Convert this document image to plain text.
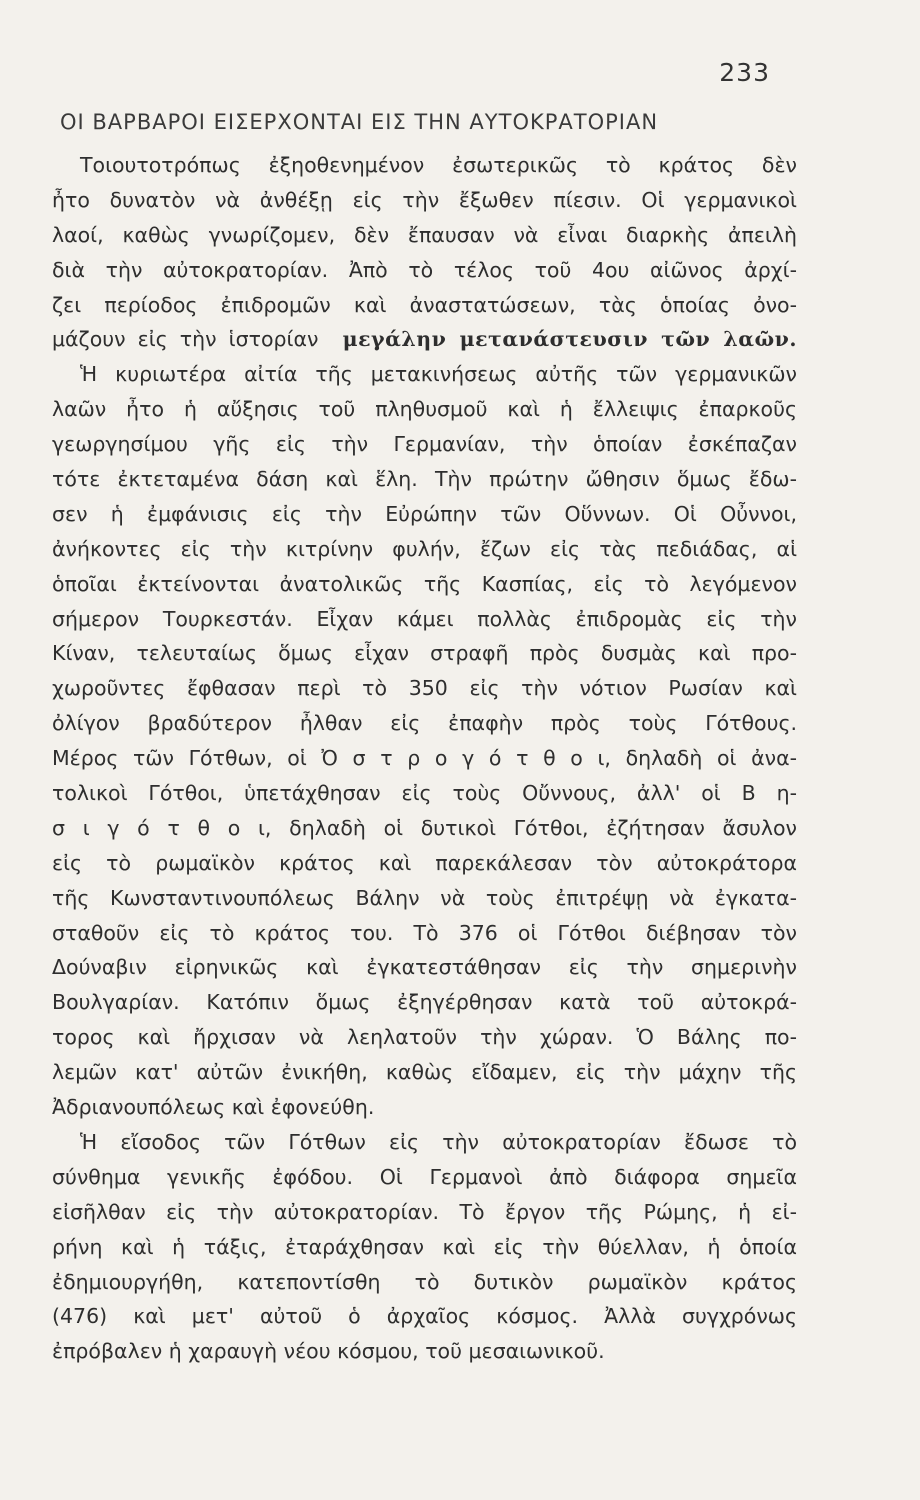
233
ΟΙ ΒΑΡΒΑΡΟΙ ΕΙΣΕΡΧΟΝΤΑΙ ΕΙΣ ΤΗΝ ΑΥΤΟΚΡΑΤΟΡΙΑΝ
Τοιουτοτρόπως ἐξηοθενημένον ἐσωτερικῶς τὸ κράτος δὲν
ἦτο δυνατὸν νὰ ἀνθέξῃ εἰς τὴν ἔξωθεν πίεσιν. Οἱ γερμανικοὶ
λαοί, καθὼς γνωρίζομεν, δὲν ἔπαυσαν νὰ εἶναι διαρκὴς ἀπειλὴ
διὰ τὴν αὐτοκρατορίαν. Ἀπὸ τὸ τέλος τοῦ 4ου αἰῶνος ἀρχί-
ζει περίοδος ἐπιδρομῶν καὶ ἀναστατώσεων, τὰς ὁποίας ὀνο-
μάζουν εἰς τὴν ἱστορίαν μεγάλην μετανάστευσιν τῶν λαῶν.
Ἡ κυριωτέρα αἰτία τῆς μετακινήσεως αὐτῆς τῶν γερμανικῶν
λαῶν ἦτο ἡ αὔξησις τοῦ πληθυσμοῦ καὶ ἡ ἔλλειψις ἐπαρκοῦς
γεωργησίμου γῆς εἰς τὴν Γερμανίαν, τὴν ὁποίαν ἐσκέπαζαν
τότε ἐκτεταμένα δάση καὶ ἕλη. Τὴν πρώτην ὤθησιν ὅμως ἔδω-
σεν ἡ ἐμφάνισις εἰς τὴν Εὐρώπην τῶν Οὕννων. Οἱ Οὖννοι,
ἀνήκοντες εἰς τὴν κιτρίνην φυλήν, ἔζων εἰς τὰς πεδιάδας, αἱ
ὁποῖαι ἐκτείνονται ἀνατολικῶς τῆς Κασπίας, εἰς τὸ λεγόμενον
σήμερον Τουρκεστάν. Εἶχαν κάμει πολλὰς ἐπιδρομὰς εἰς τὴν
Κίναν, τελευταίως ὅμως εἶχαν στραφῆ πρὸς δυσμὰς καὶ προ-
χωροῦντες ἔφθασαν περὶ τὸ 350 εἰς τὴν νότιον Ρωσίαν καὶ
ὀλίγον βραδύτερον ἦλθαν εἰς ἐπαφὴν πρὸς τοὺς Γότθους.
Μέρος τῶν Γότθων, οἱ Ὀ σ τ ρ ο γ ό τ θ ο ι, δηλαδὴ οἱ ἀνα-
τολικοὶ Γότθοι, ὑπετάχθησαν εἰς τοὺς Οὔννους, ἀλλ' οἱ Β η-
σ ι γ ό τ θ ο ι, δηλαδὴ οἱ δυτικοὶ Γότθοι, ἐζήτησαν ἄσυλον
εἰς τὸ ρωμαϊκὸν κράτος καὶ παρεκάλεσαν τὸν αὐτοκράτορα
τῆς Κωνσταντινουπόλεως Βάλην νὰ τοὺς ἐπιτρέψῃ νὰ ἐγκατα-
σταθοῦν εἰς τὸ κράτος του. Τὸ 376 οἱ Γότθοι διέβησαν τὸν
Δούναβιν εἰρηνικῶς καὶ ἐγκατεστάθησαν εἰς τὴν σημερινὴν
Βουλγαρίαν. Κατόπιν ὅμως ἐξηγέρθησαν κατὰ τοῦ αὐτοκρά-
τορος καὶ ἤρχισαν νὰ λεηλατοῦν τὴν χώραν. Ὁ Βάλης πο-
λεμῶν κατ' αὐτῶν ἐνικήθη, καθὼς εἴδαμεν, εἰς τὴν μάχην τῆς
Ἀδριανουπόλεως καὶ ἐφονεύθη.
Ἡ εἴσοδος τῶν Γότθων εἰς τὴν αὐτοκρατορίαν ἔδωσε τὸ
σύνθημα γενικῆς ἐφόδου. Οἱ Γερμανοὶ ἀπὸ διάφορα σημεῖα
εἰσῆλθαν εἰς τὴν αὐτοκρατορίαν. Τὸ ἔργον τῆς Ρώμης, ἡ εἰ-
ρήνη καὶ ἡ τάξις, ἐταράχθησαν καὶ εἰς τὴν θύελλαν, ἡ ὁποία
ἐδημιουργήθη, κατεποντίσθη τὸ δυτικὸν ρωμαϊκὸν κράτος
(476) καὶ μετ' αὐτοῦ ὁ ἀρχαῖος κόσμος. Ἀλλὰ συγχρόνως
ἐπρόβαλεν ἡ χαραυγὴ νέου κόσμου, τοῦ μεσαιωνικοῦ.
